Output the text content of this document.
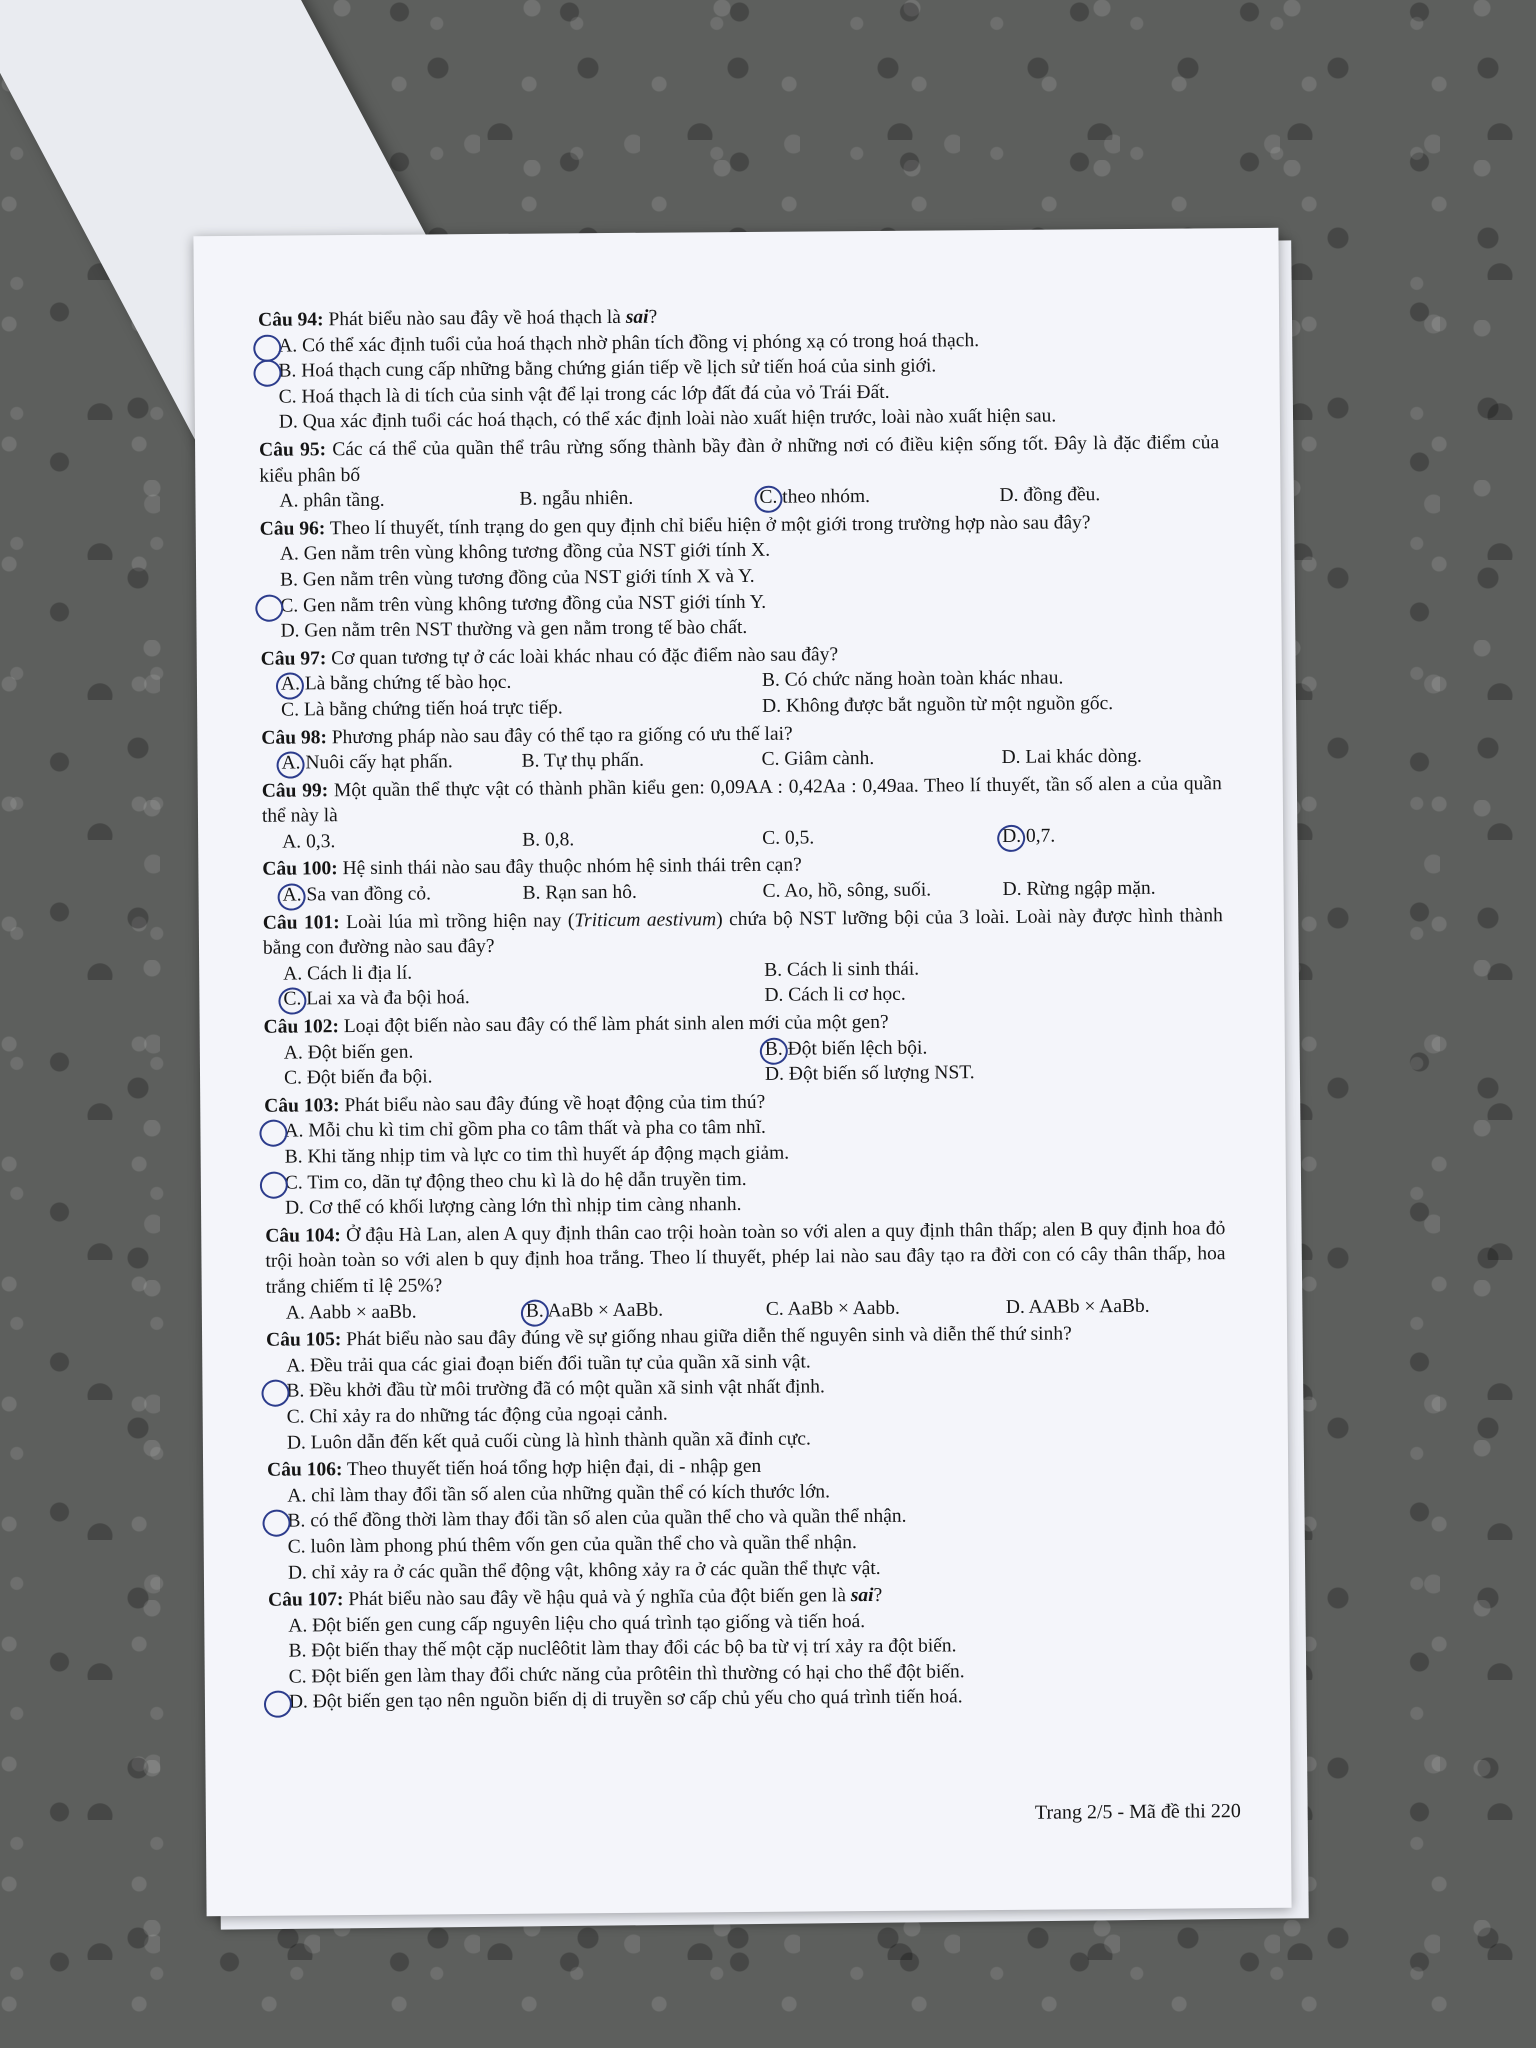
Câu 94: Phát biểu nào sau đây về hoá thạch là sai?
A. Có thể xác định tuổi của hoá thạch nhờ phân tích đồng vị phóng xạ có trong hoá thạch.
B. Hoá thạch cung cấp những bằng chứng gián tiếp về lịch sử tiến hoá của sinh giới.
C. Hoá thạch là di tích của sinh vật để lại trong các lớp đất đá của vỏ Trái Đất.
D. Qua xác định tuổi các hoá thạch, có thể xác định loài nào xuất hiện trước, loài nào xuất hiện sau.
Câu 95: Các cá thể của quần thể trâu rừng sống thành bầy đàn ở những nơi có điều kiện sống tốt. Đây là đặc điểm của kiểu phân bố
A. phân tầng.	B. ngẫu nhiên.	C. theo nhóm.	D. đồng đều.
Câu 96: Theo lí thuyết, tính trạng do gen quy định chỉ biểu hiện ở một giới trong trường hợp nào sau đây?
A. Gen nằm trên vùng không tương đồng của NST giới tính X.
B. Gen nằm trên vùng tương đồng của NST giới tính X và Y.
C. Gen nằm trên vùng không tương đồng của NST giới tính Y.
D. Gen nằm trên NST thường và gen nằm trong tế bào chất.
Câu 97: Cơ quan tương tự ở các loài khác nhau có đặc điểm nào sau đây?
A. Là bằng chứng tế bào học.	B. Có chức năng hoàn toàn khác nhau.
C. Là bằng chứng tiến hoá trực tiếp.	D. Không được bắt nguồn từ một nguồn gốc.
Câu 98: Phương pháp nào sau đây có thể tạo ra giống có ưu thế lai?
A. Nuôi cấy hạt phấn.	B. Tự thụ phấn.	C. Giâm cành.	D. Lai khác dòng.
Câu 99: Một quần thể thực vật có thành phần kiểu gen: 0,09AA : 0,42Aa : 0,49aa. Theo lí thuyết, tần số alen a của quần thể này là
A. 0,3.	B. 0,8.	C. 0,5.	D. 0,7.
Câu 100: Hệ sinh thái nào sau đây thuộc nhóm hệ sinh thái trên cạn?
A. Sa van đồng cỏ.	B. Rạn san hô.	C. Ao, hồ, sông, suối.	D. Rừng ngập mặn.
Câu 101: Loài lúa mì trồng hiện nay (Triticum aestivum) chứa bộ NST lưỡng bội của 3 loài. Loài này được hình thành bằng con đường nào sau đây?
A. Cách li địa lí.	B. Cách li sinh thái.
C. Lai xa và đa bội hoá.	D. Cách li cơ học.
Câu 102: Loại đột biến nào sau đây có thể làm phát sinh alen mới của một gen?
A. Đột biến gen.	B. Đột biến lệch bội.
C. Đột biến đa bội.	D. Đột biến số lượng NST.
Câu 103: Phát biểu nào sau đây đúng về hoạt động của tim thú?
A. Mỗi chu kì tim chỉ gồm pha co tâm thất và pha co tâm nhĩ.
B. Khi tăng nhịp tim và lực co tim thì huyết áp động mạch giảm.
C. Tim co, dãn tự động theo chu kì là do hệ dẫn truyền tim.
D. Cơ thể có khối lượng càng lớn thì nhịp tim càng nhanh.
Câu 104: Ở đậu Hà Lan, alen A quy định thân cao trội hoàn toàn so với alen a quy định thân thấp; alen B quy định hoa đỏ trội hoàn toàn so với alen b quy định hoa trắng. Theo lí thuyết, phép lai nào sau đây tạo ra đời con có cây thân thấp, hoa trắng chiếm tỉ lệ 25%?
A. Aabb × aaBb.	B. AaBb × AaBb.	C. AaBb × Aabb.	D. AABb × AaBb.
Câu 105: Phát biểu nào sau đây đúng về sự giống nhau giữa diễn thế nguyên sinh và diễn thế thứ sinh?
A. Đều trải qua các giai đoạn biến đổi tuần tự của quần xã sinh vật.
B. Đều khởi đầu từ môi trường đã có một quần xã sinh vật nhất định.
C. Chỉ xảy ra do những tác động của ngoại cảnh.
D. Luôn dẫn đến kết quả cuối cùng là hình thành quần xã đỉnh cực.
Câu 106: Theo thuyết tiến hoá tổng hợp hiện đại, di - nhập gen
A. chỉ làm thay đổi tần số alen của những quần thể có kích thước lớn.
B. có thể đồng thời làm thay đổi tần số alen của quần thể cho và quần thể nhận.
C. luôn làm phong phú thêm vốn gen của quần thể cho và quần thể nhận.
D. chỉ xảy ra ở các quần thể động vật, không xảy ra ở các quần thể thực vật.
Câu 107: Phát biểu nào sau đây về hậu quả và ý nghĩa của đột biến gen là sai?
A. Đột biến gen cung cấp nguyên liệu cho quá trình tạo giống và tiến hoá.
B. Đột biến thay thế một cặp nuclêôtit làm thay đổi các bộ ba từ vị trí xảy ra đột biến.
C. Đột biến gen làm thay đổi chức năng của prôtêin thì thường có hại cho thể đột biến.
D. Đột biến gen tạo nên nguồn biến dị di truyền sơ cấp chủ yếu cho quá trình tiến hoá.
Trang 2/5 - Mã đề thi 220
